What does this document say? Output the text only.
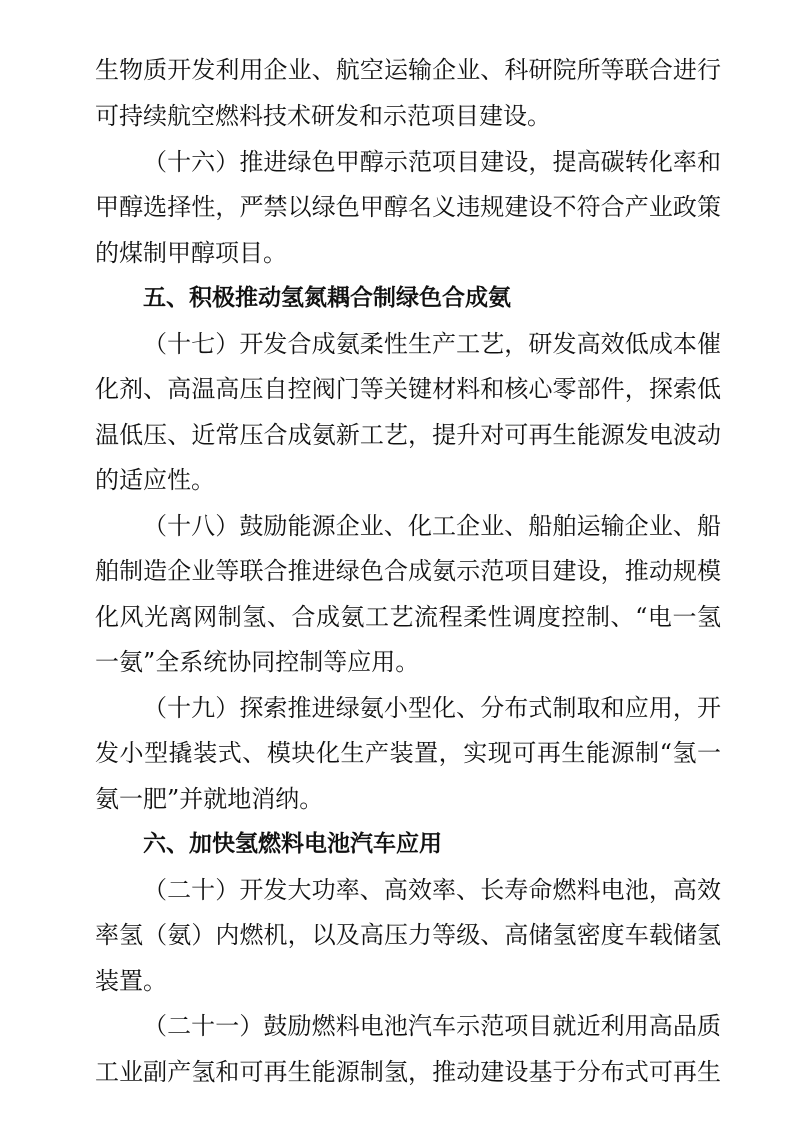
生物质开发利用企业、航空运输企业、科研院所等联合进行
可持续航空燃料技术研发和示范项目建设。
（十六）推进绿色甲醇示范项目建设，提高碳转化率和
甲醇选择性，严禁以绿色甲醇名义违规建设不符合产业政策
的煤制甲醇项目。
五、积极推动氢氮耦合制绿色合成氨
（十七）开发合成氨柔性生产工艺，研发高效低成本催
化剂、高温高压自控阀门等关键材料和核心零部件，探索低
温低压、近常压合成氨新工艺，提升对可再生能源发电波动
的适应性。
（十八）鼓励能源企业、化工企业、船舶运输企业、船
舶制造企业等联合推进绿色合成氨示范项目建设，推动规模
化风光离网制氢、合成氨工艺流程柔性调度控制、“电一氢
一氨”全系统协同控制等应用。
（十九）探索推进绿氨小型化、分布式制取和应用，开
发小型撬装式、模块化生产装置，实现可再生能源制“氢一
氨一肥”并就地消纳。
六、加快氢燃料电池汽车应用
（二十）开发大功率、高效率、长寿命燃料电池，高效
率氢（氨）内燃机，以及高压力等级、高储氢密度车载储氢
装置。
（二十一）鼓励燃料电池汽车示范项目就近利用高品质
工业副产氢和可再生能源制氢，推动建设基于分布式可再生
